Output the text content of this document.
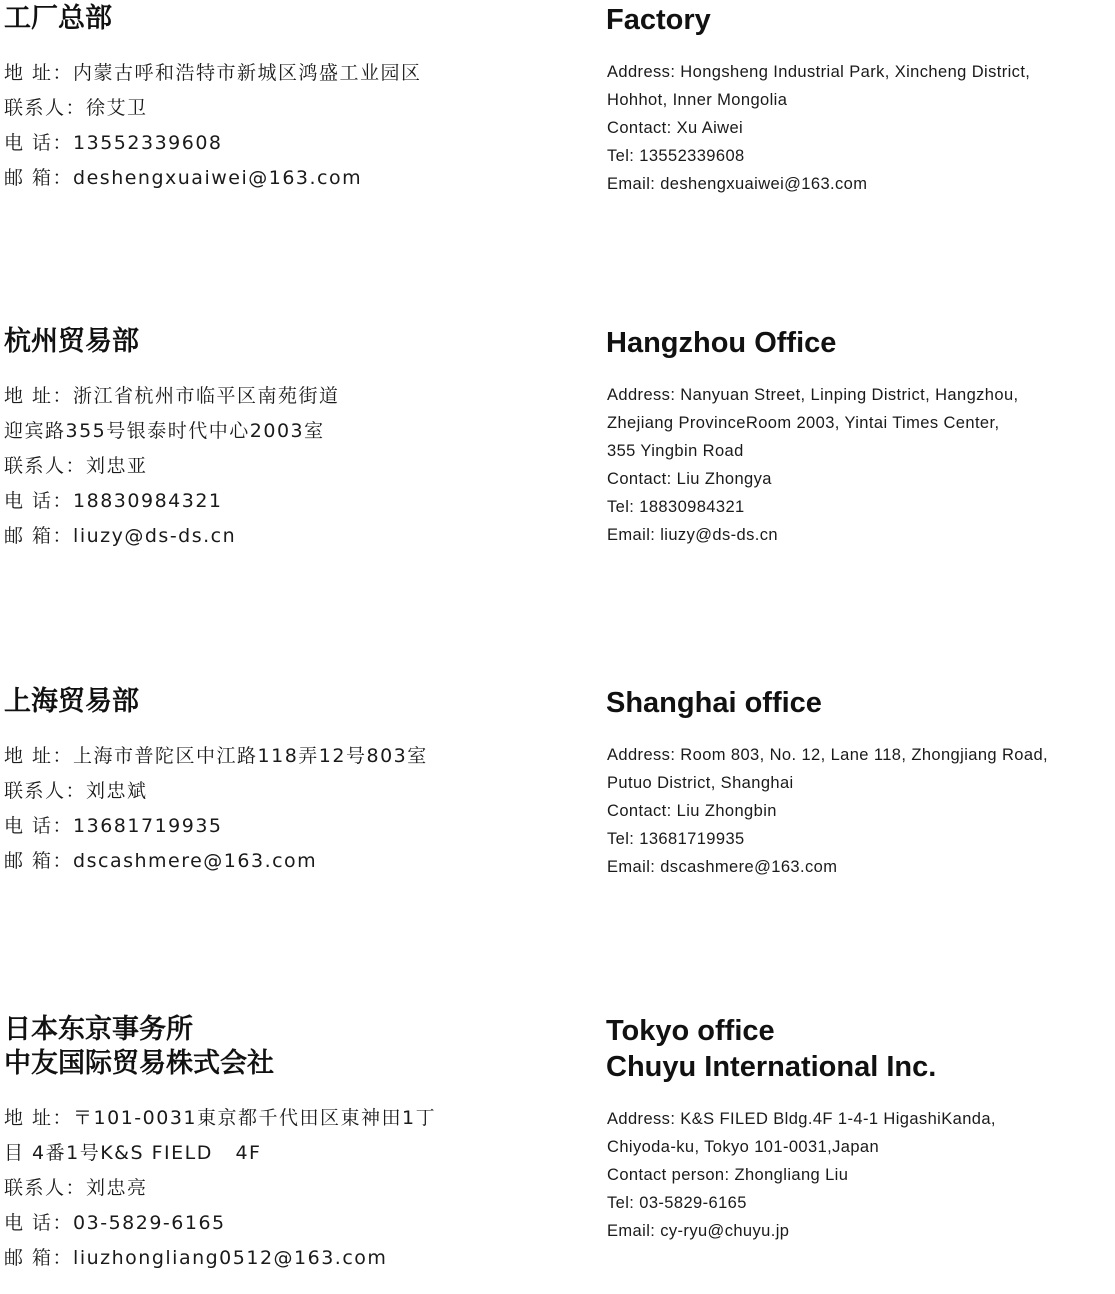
工厂总部
地 址：内蒙古呼和浩特市新城区鸿盛工业园区
联系人：徐艾卫
电 话：13552339608
邮 箱：deshengxuaiwei@163.com
Factory
Address: Hongsheng Industrial Park, Xincheng District,
Hohhot, Inner Mongolia
Contact: Xu Aiwei
Tel: 13552339608
Email: deshengxuaiwei@163.com
杭州贸易部
地 址：浙江省杭州市临平区南苑街道
迎宾路355号银泰时代中心2003室
联系人：刘忠亚
电 话：18830984321
邮 箱：liuzy@ds-ds.cn
Hangzhou Office
Address: Nanyuan Street, Linping District, Hangzhou,
Zhejiang ProvinceRoom 2003, Yintai Times Center,
355 Yingbin Road
Contact: Liu Zhongya
Tel: 18830984321
Email: liuzy@ds-ds.cn
上海贸易部
地 址：上海市普陀区中江路118弄12号803室
联系人：刘忠斌
电 话：13681719935
邮 箱：dscashmere@163.com
Shanghai office
Address: Room 803, No. 12, Lane 118, Zhongjiang Road,
Putuo District, Shanghai
Contact: Liu Zhongbin
Tel: 13681719935
Email: dscashmere@163.com
日本东京事务所
中友国际贸易株式会社
地 址：〒101-0031東京都千代田区東神田1丁
目 4番1号K&S FIELD   4F
联系人：刘忠亮
电 话：03-5829-6165
邮 箱：liuzhongliang0512@163.com
Tokyo office
Chuyu International Inc.
Address: K&S FILED Bldg.4F 1-4-1 HigashiKanda,
Chiyoda-ku, Tokyo 101-0031,Japan
Contact person: Zhongliang Liu
Tel: 03-5829-6165
Email: cy-ryu@chuyu.jp
